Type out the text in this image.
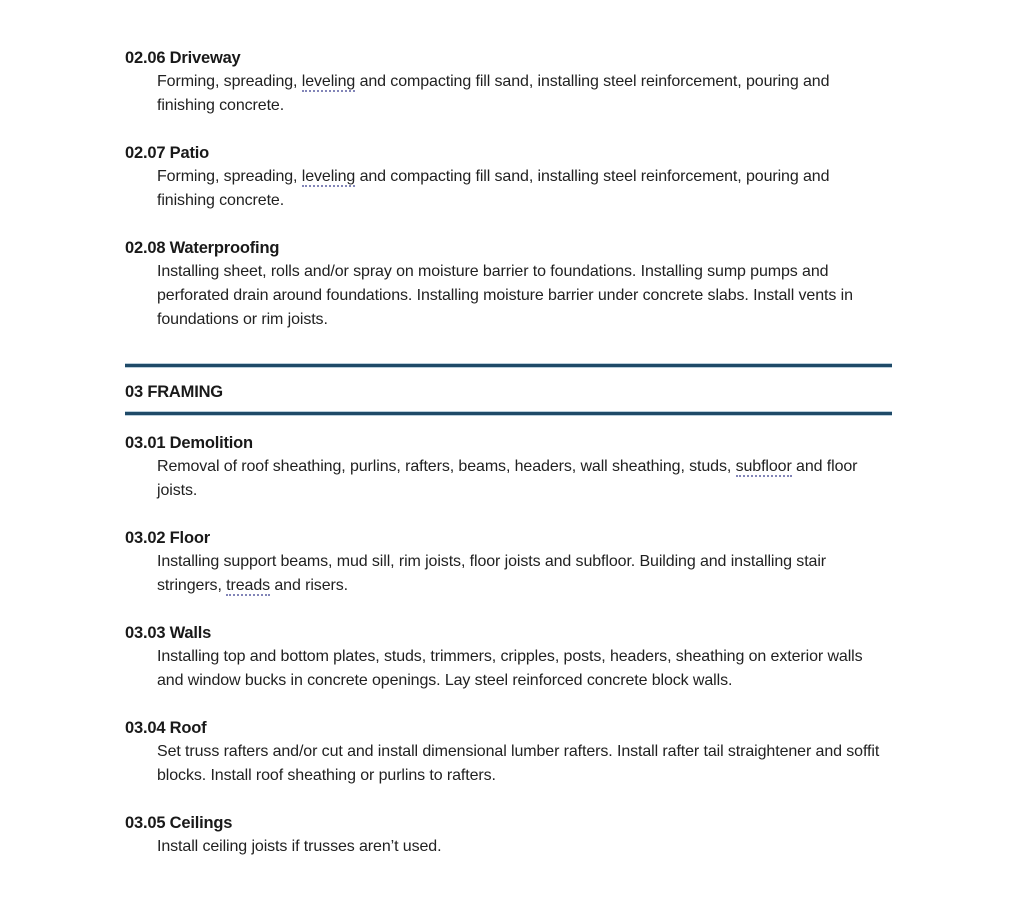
02.06 Driveway

Forming, spreading, leveling and compacting fill sand, installing steel reinforcement, pouring and finishing concrete.

02.07 Patio

Forming, spreading, leveling and compacting fill sand, installing steel reinforcement, pouring and finishing concrete.

02.08 Waterproofing

Installing sheet, rolls and/or spray on moisture barrier to foundations. Installing sump pumps and perforated drain around foundations. Installing moisture barrier under concrete slabs. Install vents in foundations or rim joists.

03 FRAMING
03.01 Demolition

Removal of roof sheathing, purlins, rafters, beams, headers, wall sheathing, studs, subfloor and floor joists.

03.02 Floor

Installing support beams, mud sill, rim joists, floor joists and subfloor. Building and installing stair stringers, treads and risers.

03.03 Walls

Installing top and bottom plates, studs, trimmers, cripples, posts, headers, sheathing on exterior walls and window bucks in concrete openings. Lay steel reinforced concrete block walls.

03.04 Roof

Set truss rafters and/or cut and install dimensional lumber rafters. Install rafter tail straightener and soffit blocks. Install roof sheathing or purlins to rafters.

03.05 Ceilings

Install ceiling joists if trusses aren’t used.
